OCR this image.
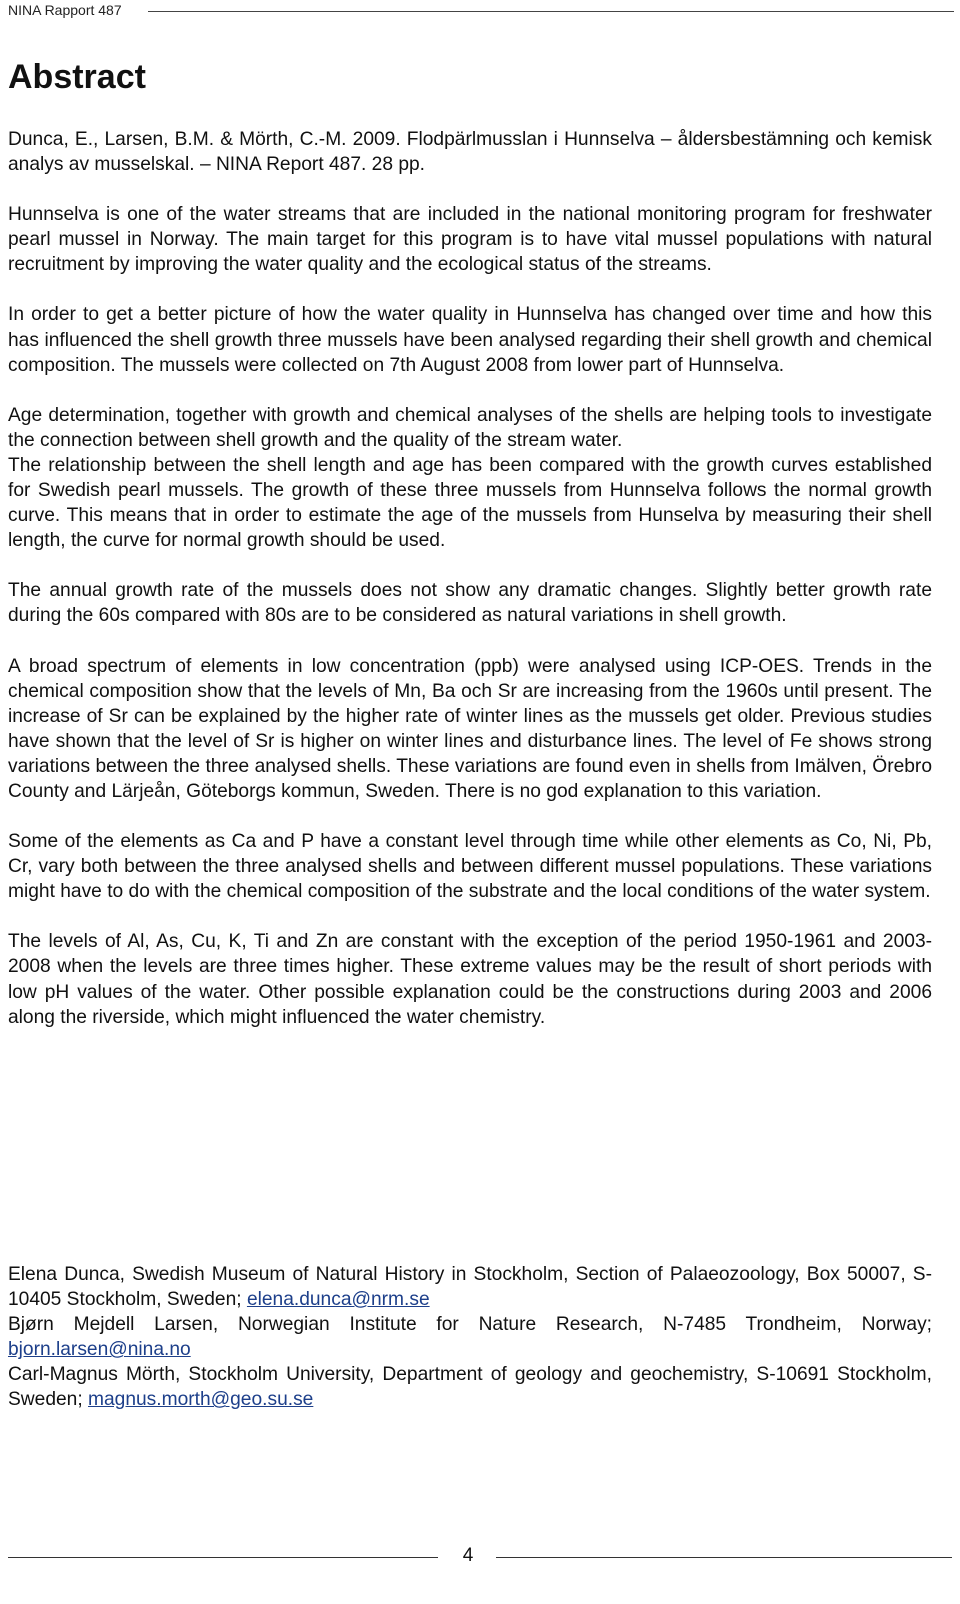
NINA Rapport 487
Abstract

Dunca, E., Larsen, B.M. & Mörth, C.-M. 2009. Flodpärlmusslan i Hunnselva – åldersbestämning och kemisk analys av musselskal. – NINA Report 487. 28 pp.

Hunnselva is one of the water streams that are included in the national monitoring program for freshwater pearl mussel in Norway. The main target for this program is to have vital mussel populations with natural recruitment by improving the water quality and the ecological status of the streams.

In order to get a better picture of how the water quality in Hunnselva has changed over time and how this has influenced the shell growth three mussels have been analysed regarding their shell growth and chemical composition. The mussels were collected on 7th August 2008 from lower part of Hunnselva.

Age determination, together with growth and chemical analyses of the shells are helping tools to investigate the connection between shell growth and the quality of the stream water.

The relationship between the shell length and age has been compared with the growth curves established for Swedish pearl mussels. The growth of these three mussels from Hunnselva follows the normal growth curve. This means that in order to estimate the age of the mussels from Hunselva by measuring their shell length, the curve for normal growth should be used.

The annual growth rate of the mussels does not show any dramatic changes. Slightly better growth rate during the 60s compared with 80s are to be considered as natural variations in shell growth.

A broad spectrum of elements in low concentration (ppb) were analysed using ICP-OES. Trends in the chemical composition show that the levels of Mn, Ba och Sr are increasing from the 1960s until present. The increase of Sr can be explained by the higher rate of winter lines as the mussels get older. Previous studies have shown that the level of Sr is higher on winter lines and disturbance lines. The level of Fe shows strong variations between the three analysed shells. These variations are found even in shells from Imälven, Örebro County and Lärjeån, Göteborgs kommun, Sweden. There is no god explanation to this variation.

Some of the elements as Ca and P have a constant level through time while other elements as Co, Ni, Pb, Cr, vary both between the three analysed shells and between different mussel populations. These variations might have to do with the chemical composition of the substrate and the local conditions of the water system.

The levels of Al, As, Cu, K, Ti and Zn are constant with the exception of the period 1950-1961 and 2003-2008 when the levels are three times higher. These extreme values may be the result of short periods with low pH values of the water. Other possible explanation could be the constructions during 2003 and 2006 along the riverside, which might influenced the water chemistry.

Elena Dunca, Swedish Museum of Natural History in Stockholm, Section of Palaeozoology, Box 50007, S-10405 Stockholm, Sweden; elena.dunca@nrm.se

Bjørn Mejdell Larsen, Norwegian Institute for Nature Research, N-7485 Trondheim, Norway; bjorn.larsen@nina.no

Carl-Magnus Mörth, Stockholm University, Department of geology and geochemistry, S-10691 Stockholm, Sweden; magnus.morth@geo.su.se

4
